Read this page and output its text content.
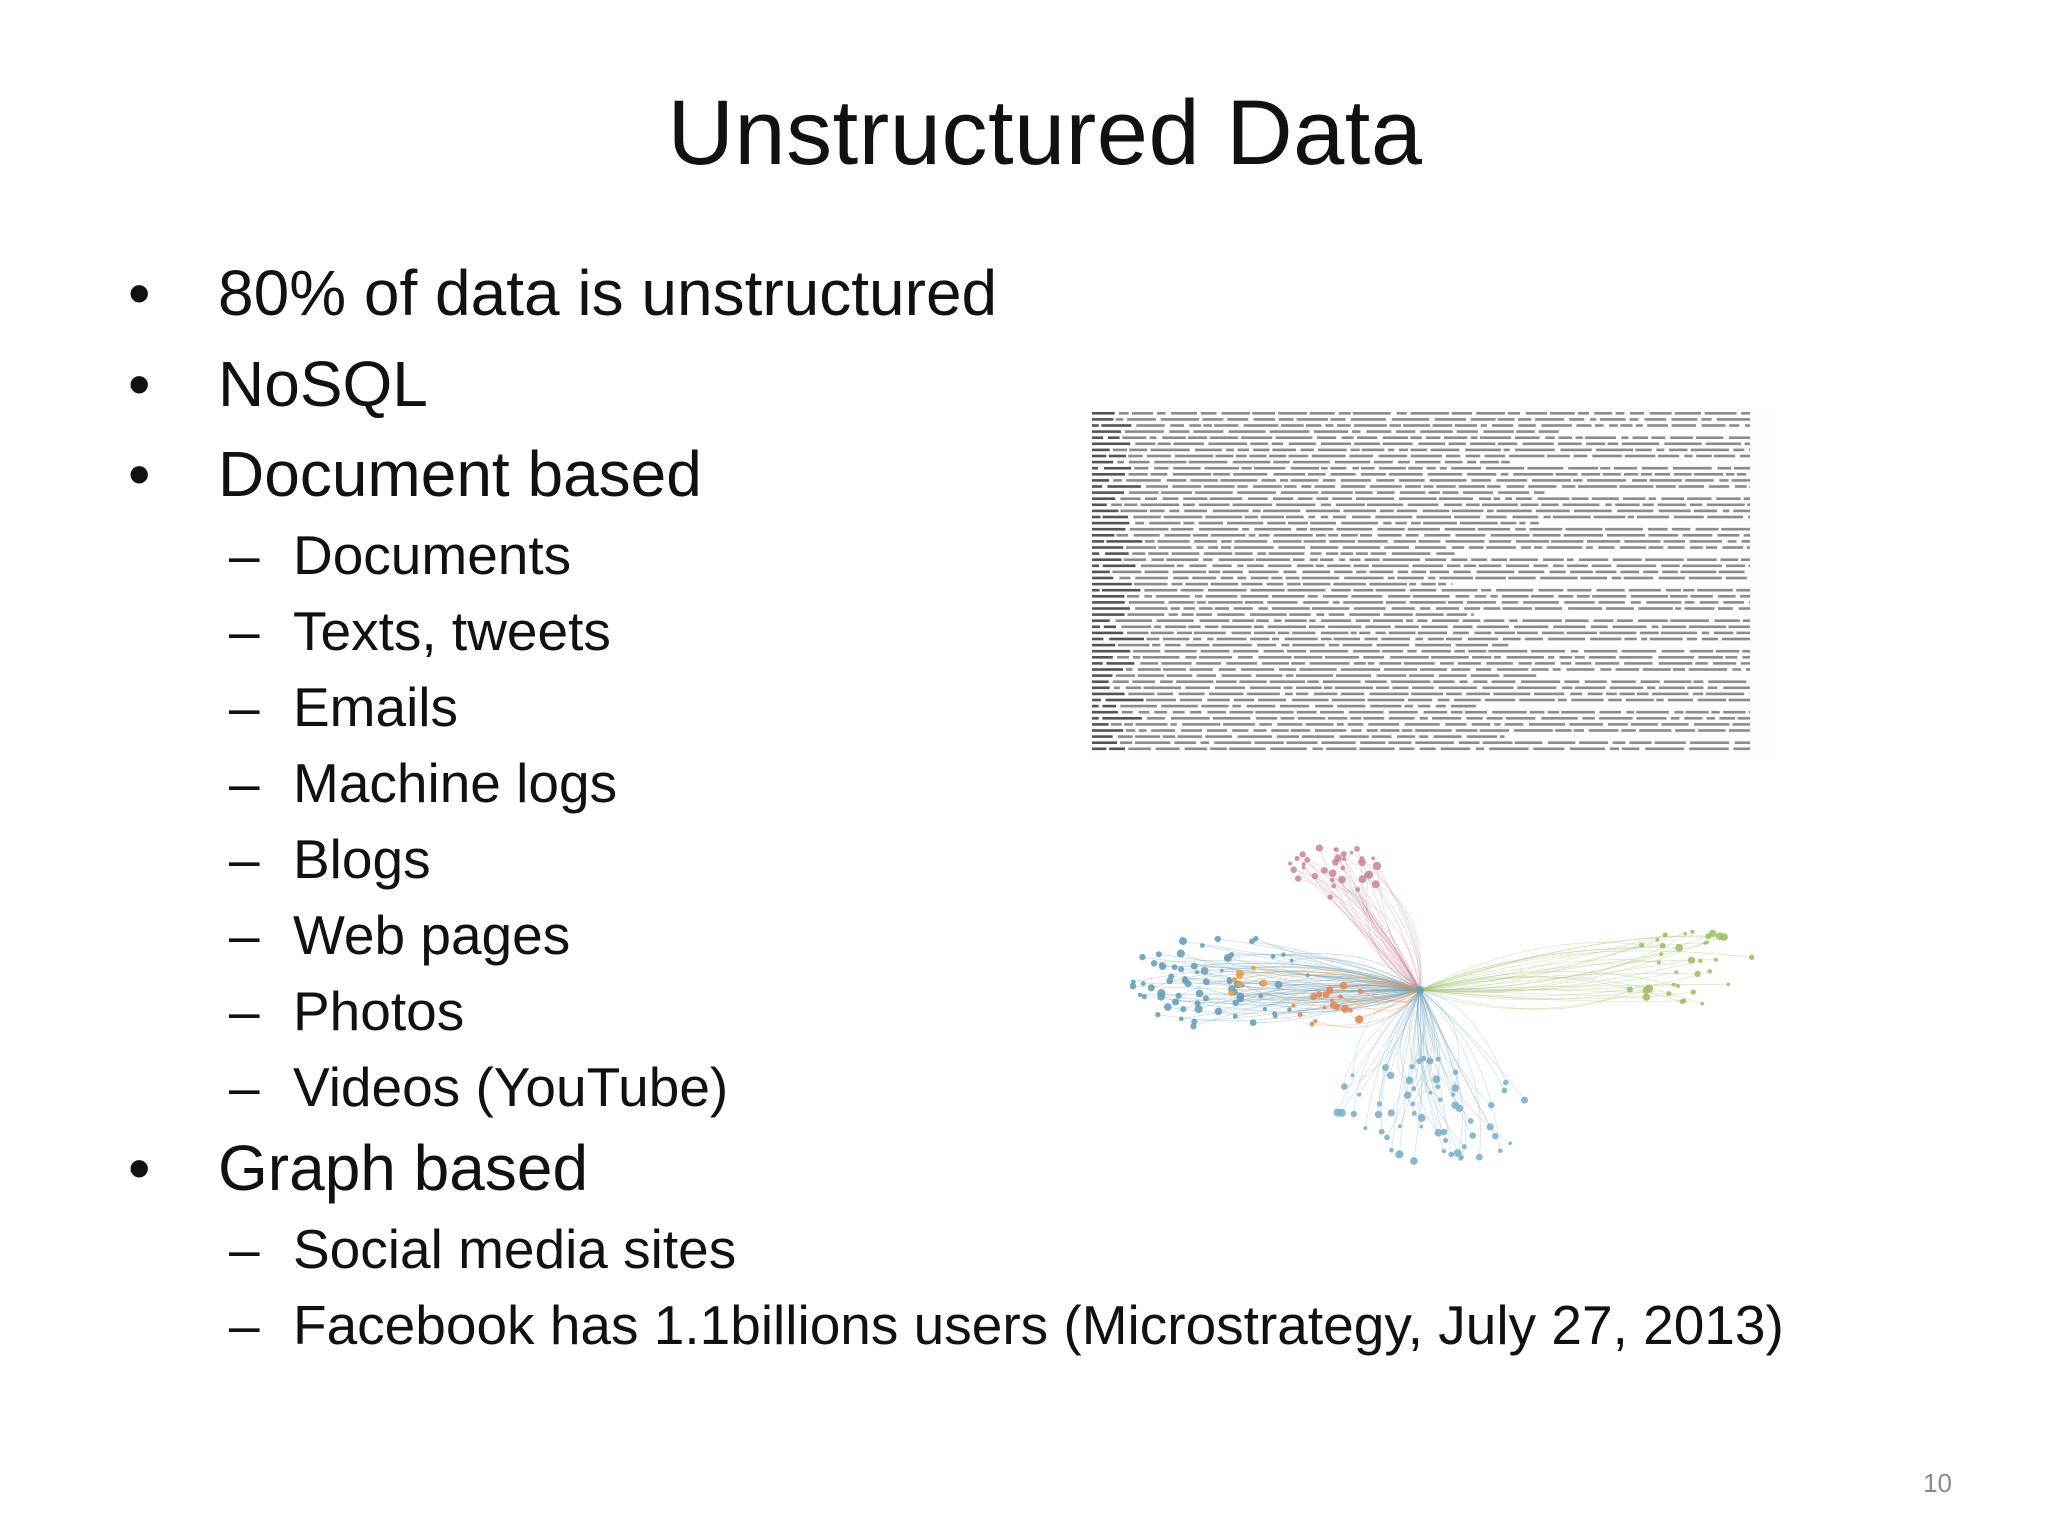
Unstructured Data
• 80% of data is unstructured
• NoSQL
• Document based
– Documents
– Texts, tweets
– Emails
– Machine logs
– Blogs
– Web pages
– Photos
– Videos (YouTube)
• Graph based
– Social media sites
– Facebook has 1.1billions users (Microstrategy, July 27, 2013)
10
